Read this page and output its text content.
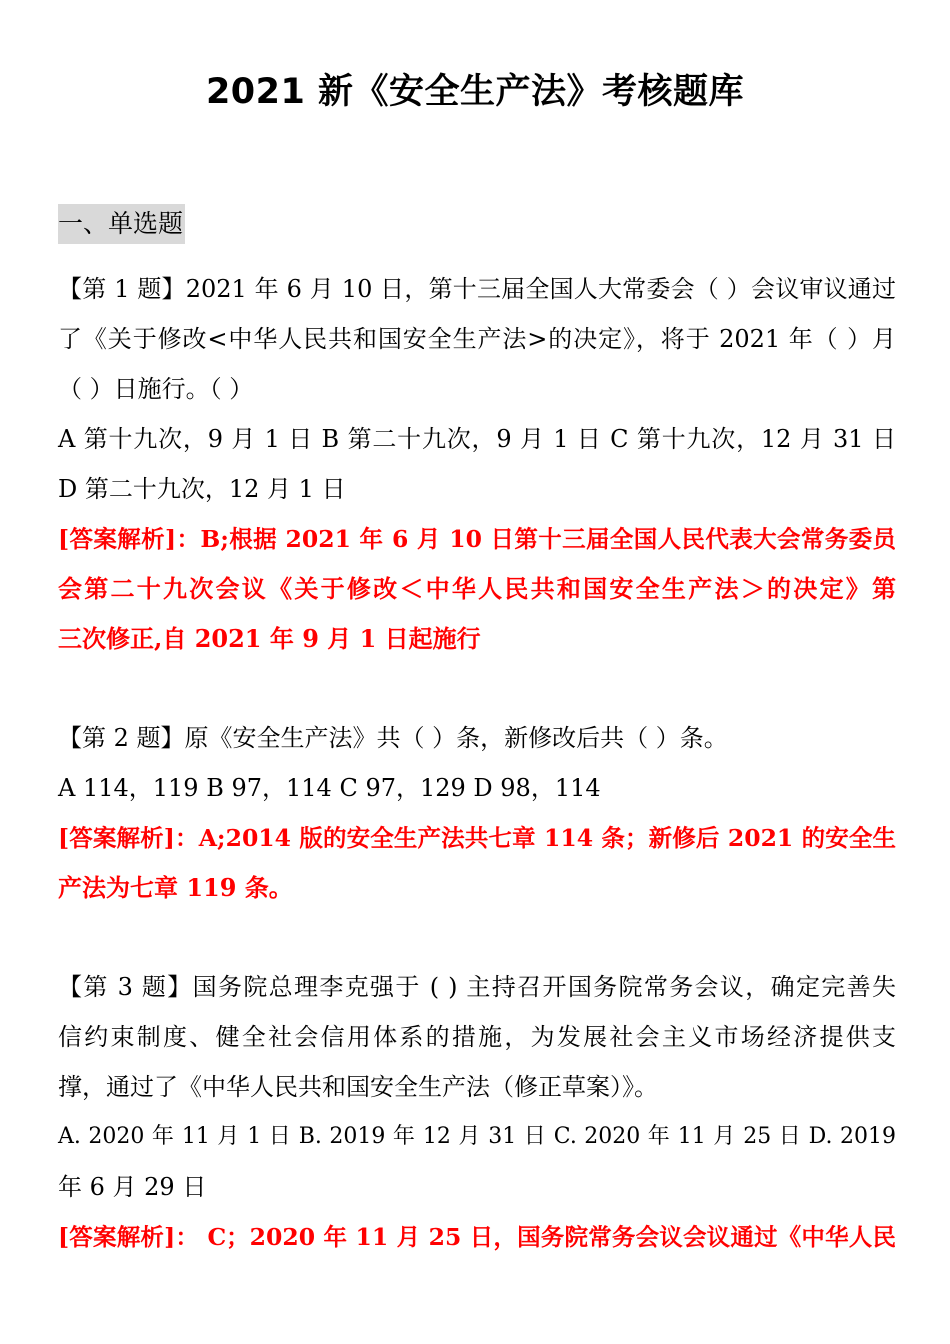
2021 新《安全生产法》考核题库
一、单选题
【第 1 题】2021 年 6 月 10 日，第十三届全国人大常委会（ ）会议审议通过
了《关于修改<中华人民共和国安全生产法>的决定》，将于 2021 年（ ）月
（ ）日施行。（ ）
A 第十九次，9 月 1 日 B 第二十九次，9 月 1 日 C 第十九次，12 月 31 日
D 第二十九次，12 月 1 日
[答案解析]：B;根据 2021 年 6 月 10 日第十三届全国人民代表大会常务委员
会第二十九次会议《关于修改＜中华人民共和国安全生产法＞的决定》第
三次修正,自 2021 年 9 月 1 日起施行
【第 2 题】原《安全生产法》共（ ）条，新修改后共（ ）条。
A 114，119 B 97，114 C 97，129 D 98，114
[答案解析]：A;2014 版的安全生产法共七章 114 条；新修后 2021 的安全生
产法为七章 119 条。
【第 3 题】国务院总理李克强于 ( ) 主持召开国务院常务会议，确定完善失
信约束制度、健全社会信用体系的措施，为发展社会主义市场经济提供支
撑，通过了《中华人民共和国安全生产法（修正草案）》。
A. 2020 年 11 月 1 日 B. 2019 年 12 月 31 日 C. 2020 年 11 月 25 日 D. 2019
年 6 月 29 日
[答案解析]： C；2020 年 11 月 25 日，国务院常务会议会议通过《中华人民
